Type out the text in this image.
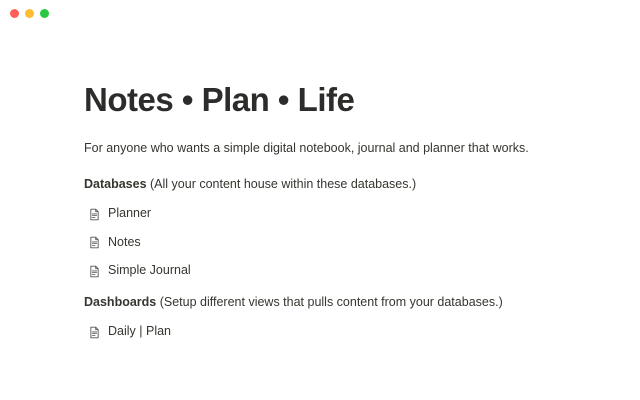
Notes • Plan • Life

For anyone who wants a simple digital notebook, journal and planner that works.

Databases (All your content house within these databases.)

Planner
Notes
Simple Journal

Dashboards (Setup different views that pulls content from your databases.)

Daily | Plan
